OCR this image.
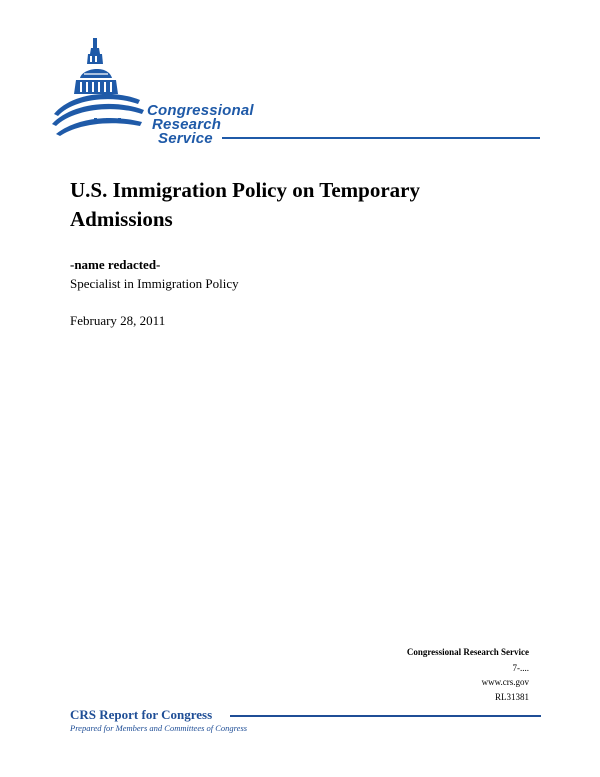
Congressional
Research
Service
U.S. Immigration Policy on Temporary Admissions
-name redacted-
Specialist in Immigration Policy
February 28, 2011
Congressional Research Service
7-....
www.crs.gov
RL31381
CRS Report for Congress
Prepared for Members and Committees of Congress
